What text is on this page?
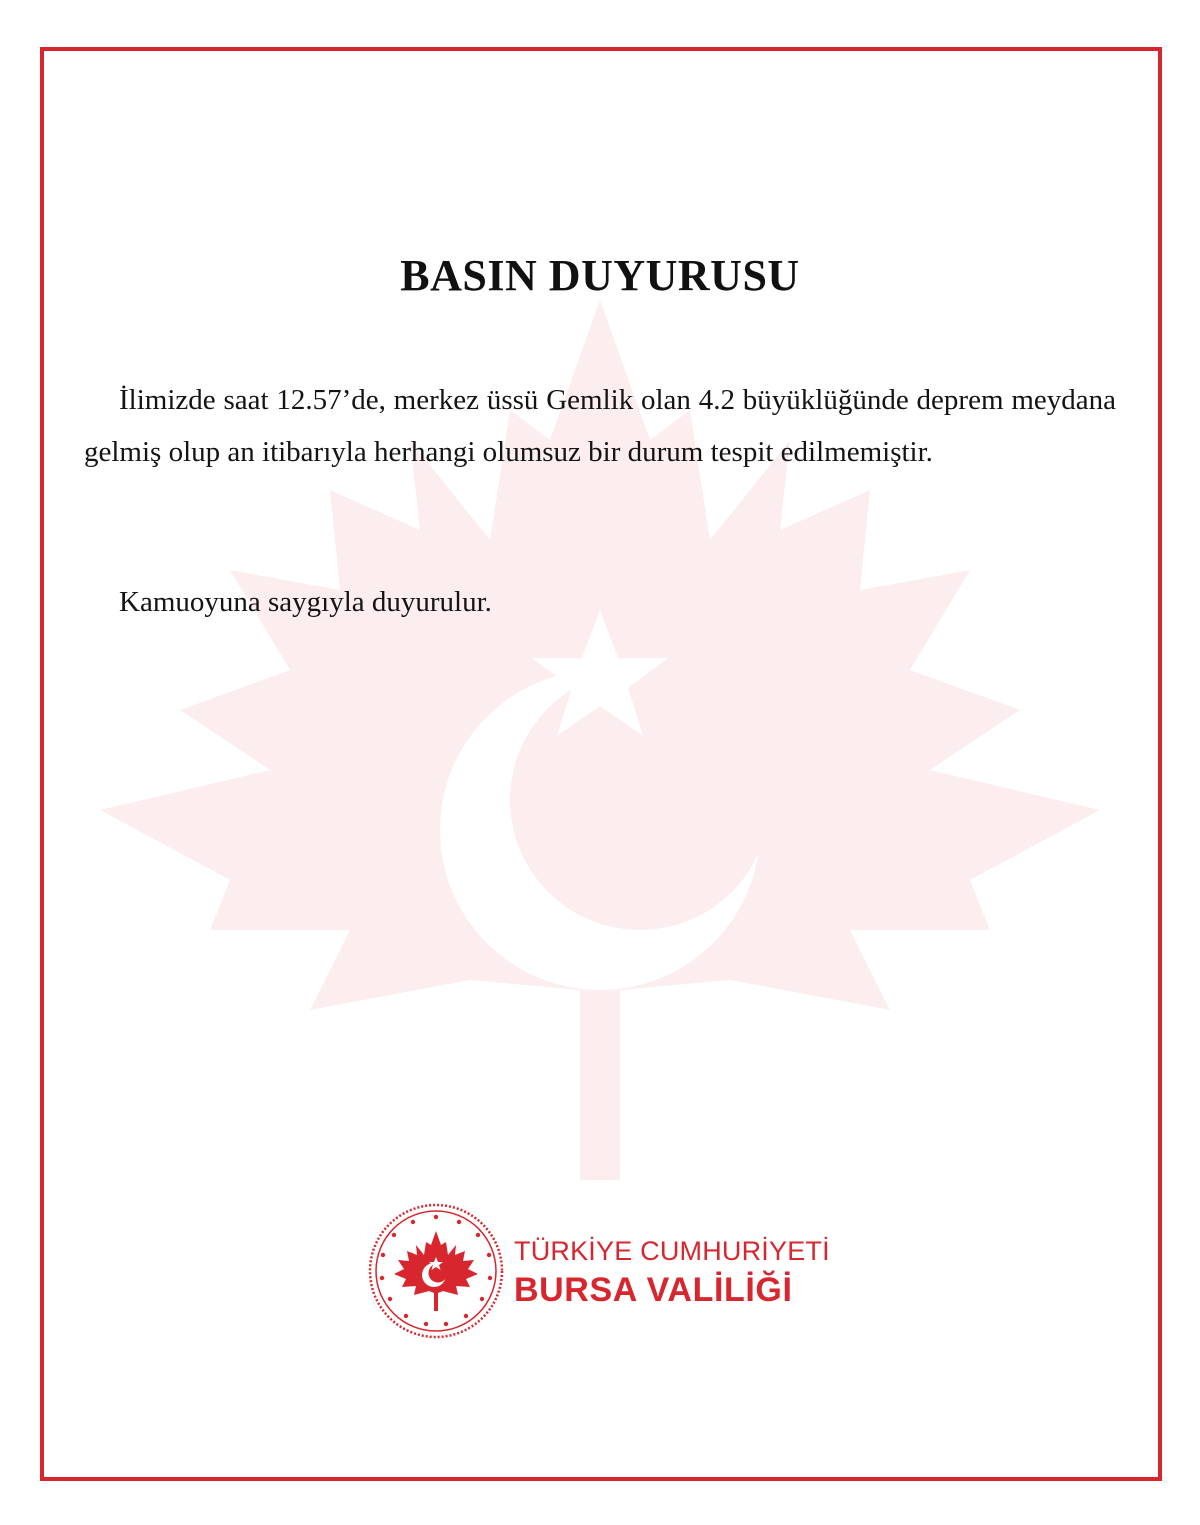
BASIN DUYURUSU

İlimizde saat 12.57’de, merkez üssü Gemlik olan 4.2 büyüklüğünde deprem meydana gelmiş olup an itibarıyla herhangi olumsuz bir durum tespit edilmemiştir.

Kamuoyuna saygıyla duyurulur.

TÜRKİYE CUMHURİYETİ
BURSA VALİLİĞİ
